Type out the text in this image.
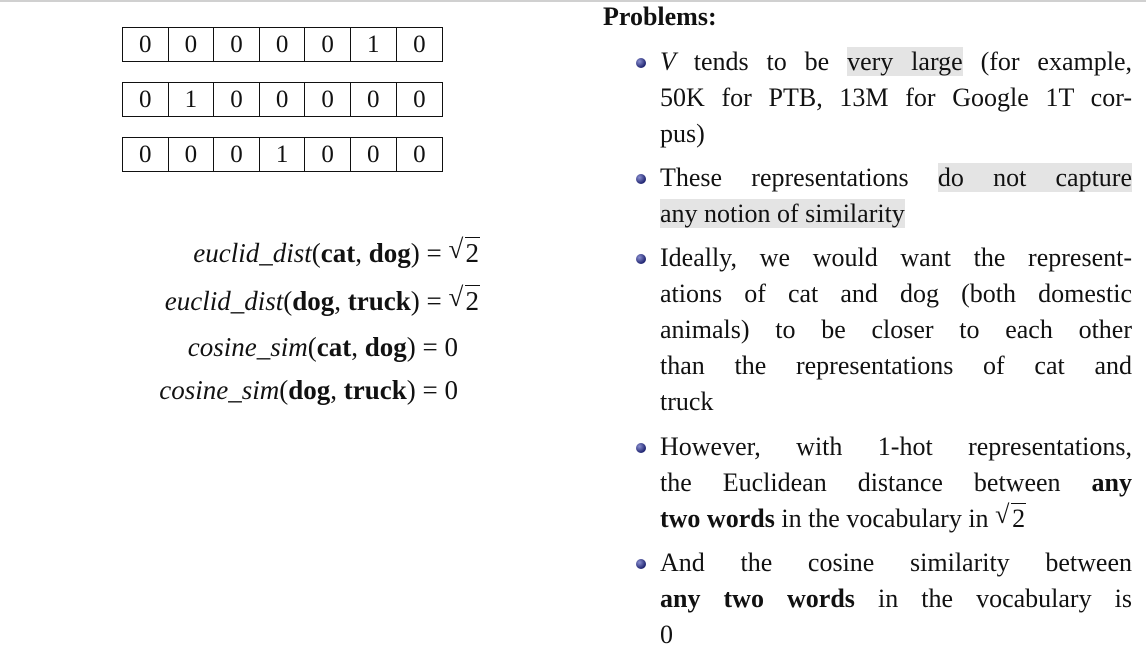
0	0	0	0	0	1	0
0	1	0	0	0	0	0
0	0	0	1	0	0	0
euclid_dist(cat, dog) = √ 2
euclid_dist(dog, truck) = √ 2
cosine_sim(cat, dog) = 0
cosine_sim(dog, truck) = 0
Problems:
V tends to be very large (for example,
50K for PTB, 13M for Google 1T cor-
pus)
These representations do not capture
any notion of similarity
Ideally, we would want the represent-
ations of cat and dog (both domestic
animals) to be closer to each other
than the representations of cat and
truck
However, with 1-hot representations,
the Euclidean distance between any
two words in the vocabulary in √ 2
And the cosine similarity between
any two words in the vocabulary is
0
